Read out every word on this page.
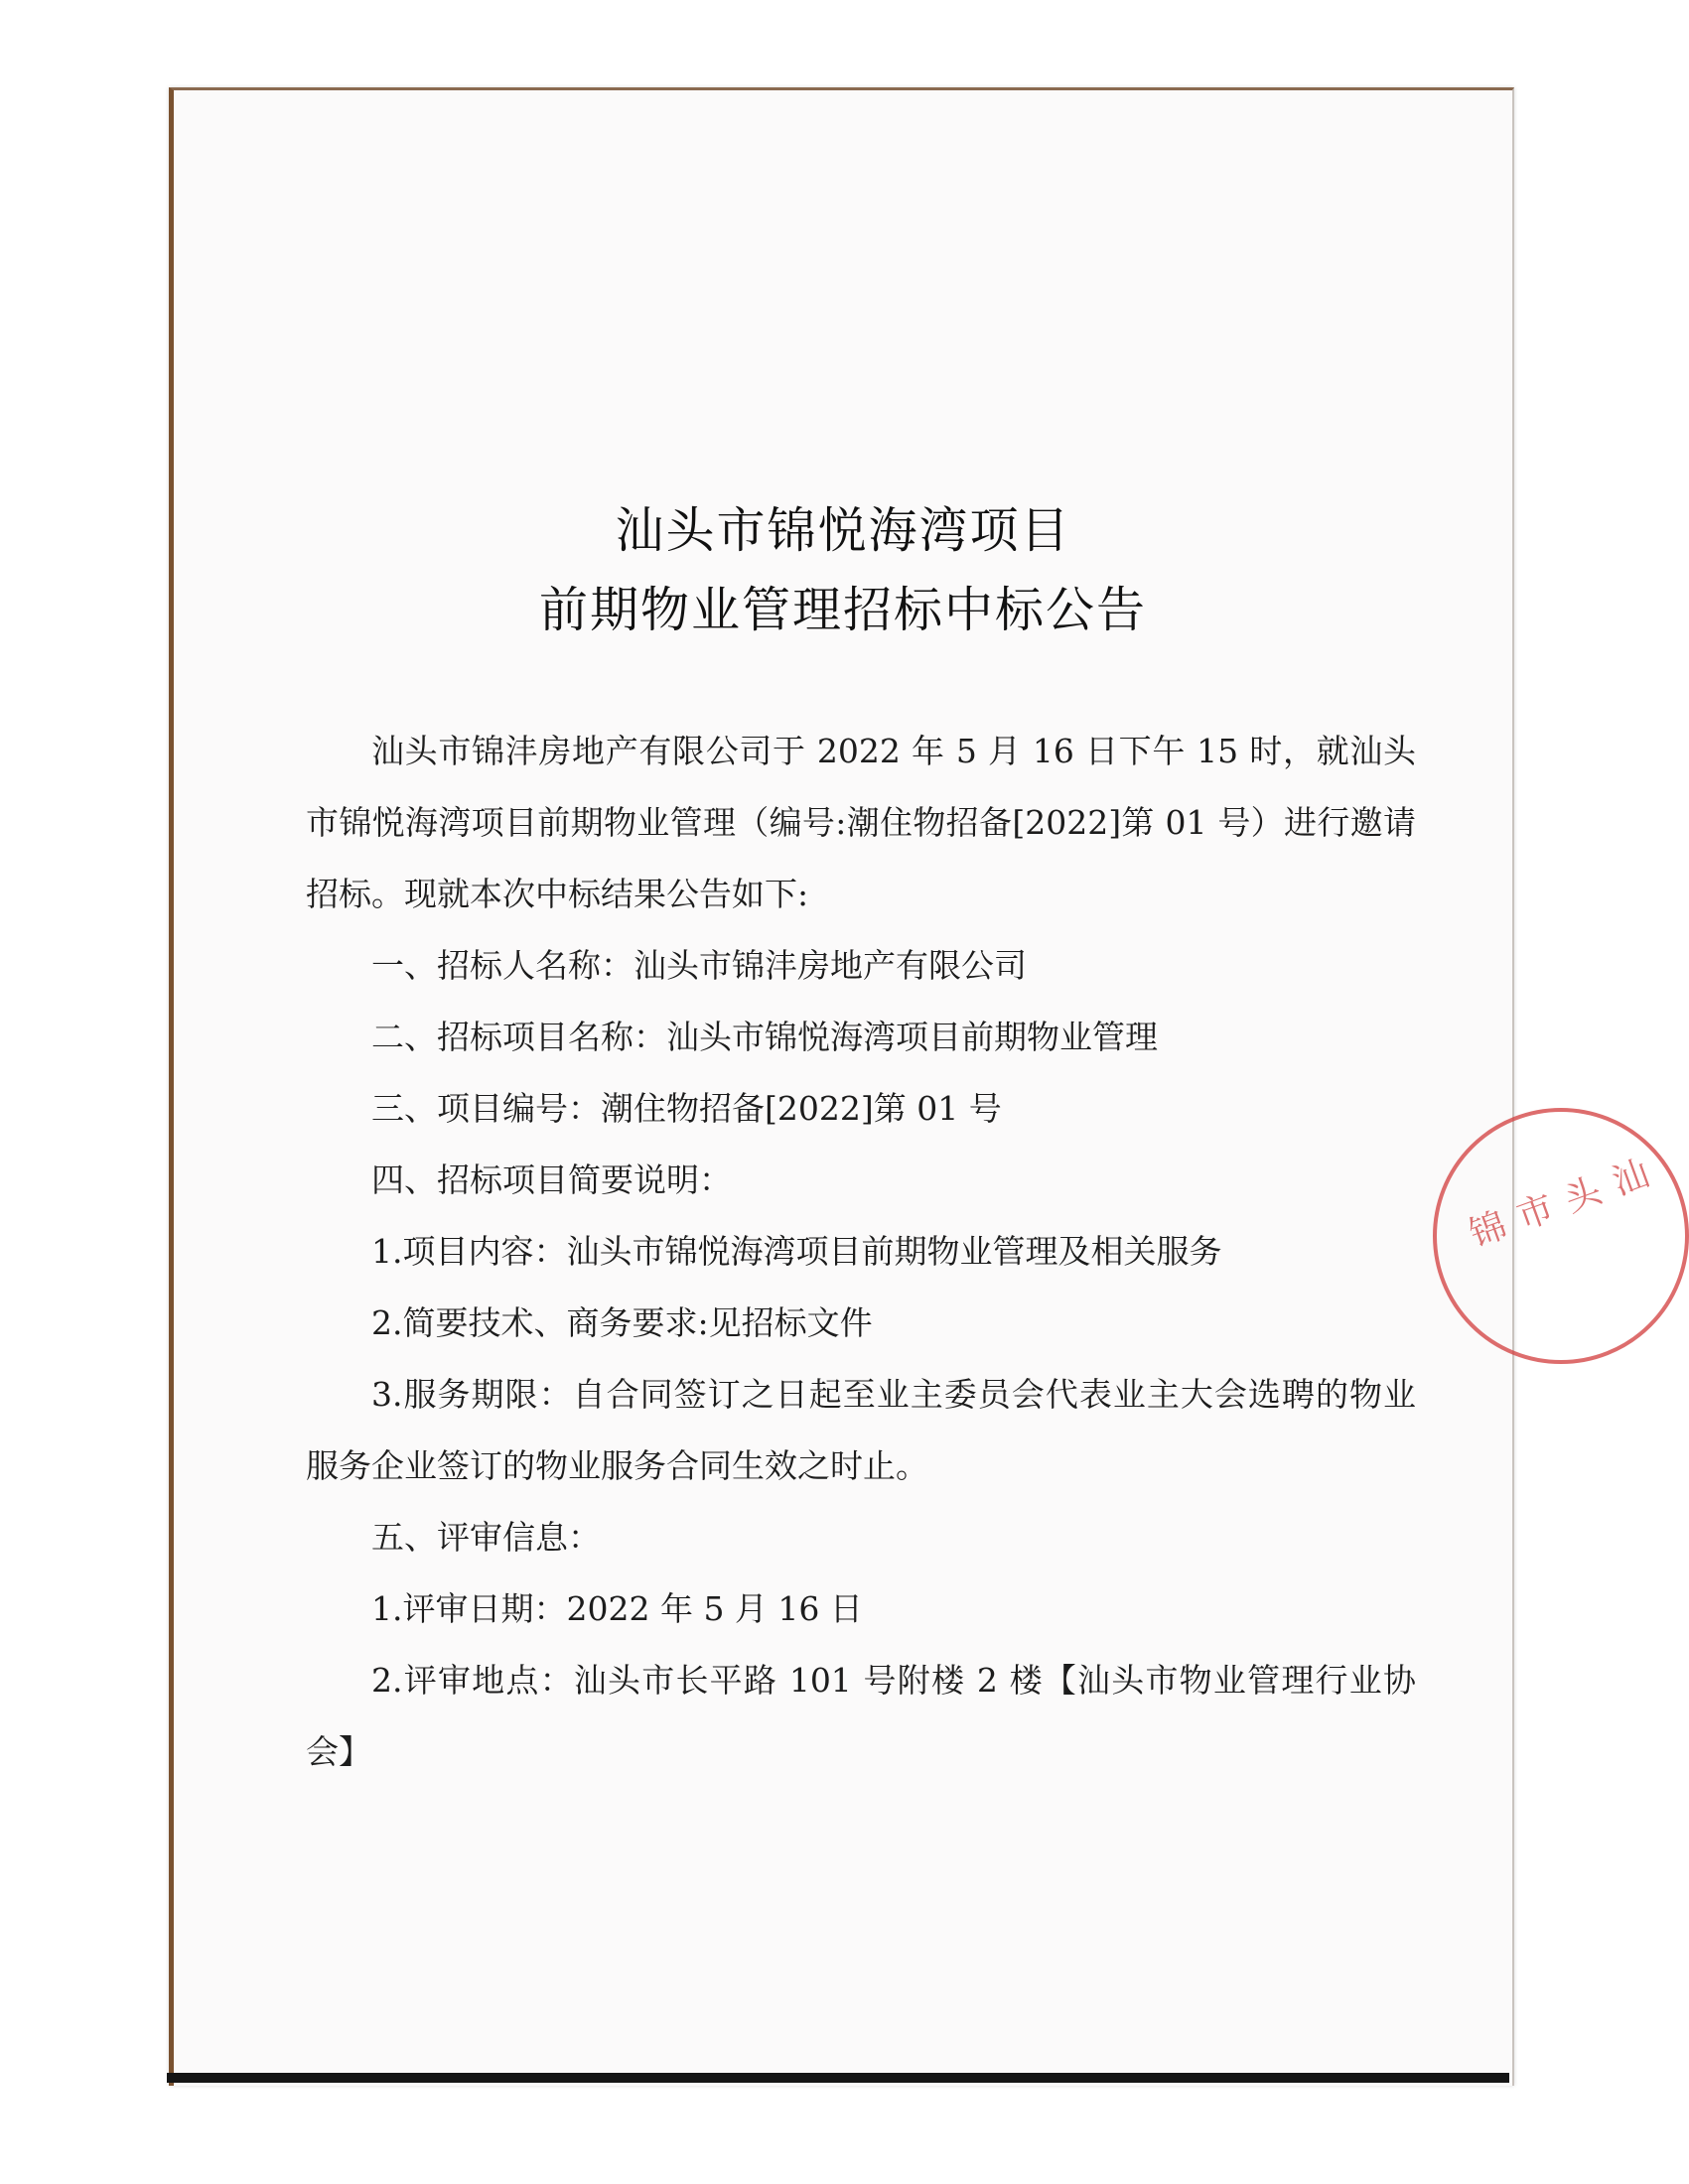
汕头市锦悦海湾项目
前期物业管理招标中标公告

汕头市锦沣房地产有限公司于 2022 年 5 月 16 日下午 15 时，就汕头市锦悦海湾项目前期物业管理（编号:潮住物招备[2022]第 01 号）进行邀请招标。现就本次中标结果公告如下:

一、招标人名称：汕头市锦沣房地产有限公司

二、招标项目名称：汕头市锦悦海湾项目前期物业管理

三、项目编号：潮住物招备[2022]第 01 号

四、招标项目简要说明：

1.项目内容：汕头市锦悦海湾项目前期物业管理及相关服务

2.简要技术、商务要求:见招标文件

3.服务期限：自合同签订之日起至业主委员会代表业主大会选聘的物业服务企业签订的物业服务合同生效之时止。

五、评审信息：

1.评审日期：2022 年 5 月 16 日

2.评审地点：汕头市长平路 101 号附楼 2 楼【汕头市物业管理行业协会】

汕头市锦
